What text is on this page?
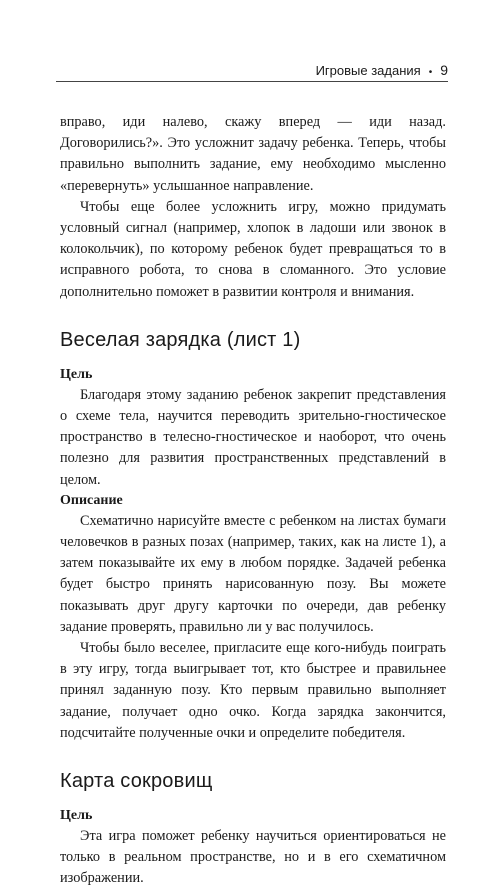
Игровые задания • 9

вправо, иди налево, скажу вперед — иди назад. Договорились?». Это усложнит задачу ребенка. Теперь, чтобы правильно выполнить задание, ему необходимо мысленно «перевернуть» услышанное направление.

Чтобы еще более усложнить игру, можно придумать условный сигнал (например, хлопок в ладоши или звонок в колокольчик), по которому ребенок будет превращаться то в исправного робота, то снова в сломанного. Это условие дополнительно поможет в развитии контроля и внимания.

Веселая зарядка (лист 1)
Цель

Благодаря этому заданию ребенок закрепит представления о схеме тела, научится переводить зрительно-гностическое пространство в телесно-гностическое и наоборот, что очень полезно для развития пространственных представлений в целом.

Описание

Схематично нарисуйте вместе с ребенком на листах бумаги человечков в разных позах (например, таких, как на листе 1), а затем показывайте их ему в любом порядке. Задачей ребенка будет быстро принять нарисованную позу. Вы можете показывать друг другу карточки по очереди, дав ребенку задание проверять, правильно ли у вас получилось.

Чтобы было веселее, пригласите еще кого-нибудь поиграть в эту игру, тогда выигрывает тот, кто быстрее и правильнее принял заданную позу. Кто первым правильно выполняет задание, получает одно очко. Когда зарядка закончится, подсчитайте полученные очки и определите победителя.

Карта сокровищ
Цель

Эта игра поможет ребенку научиться ориентироваться не только в реальном пространстве, но и в его схематичном изображении.
